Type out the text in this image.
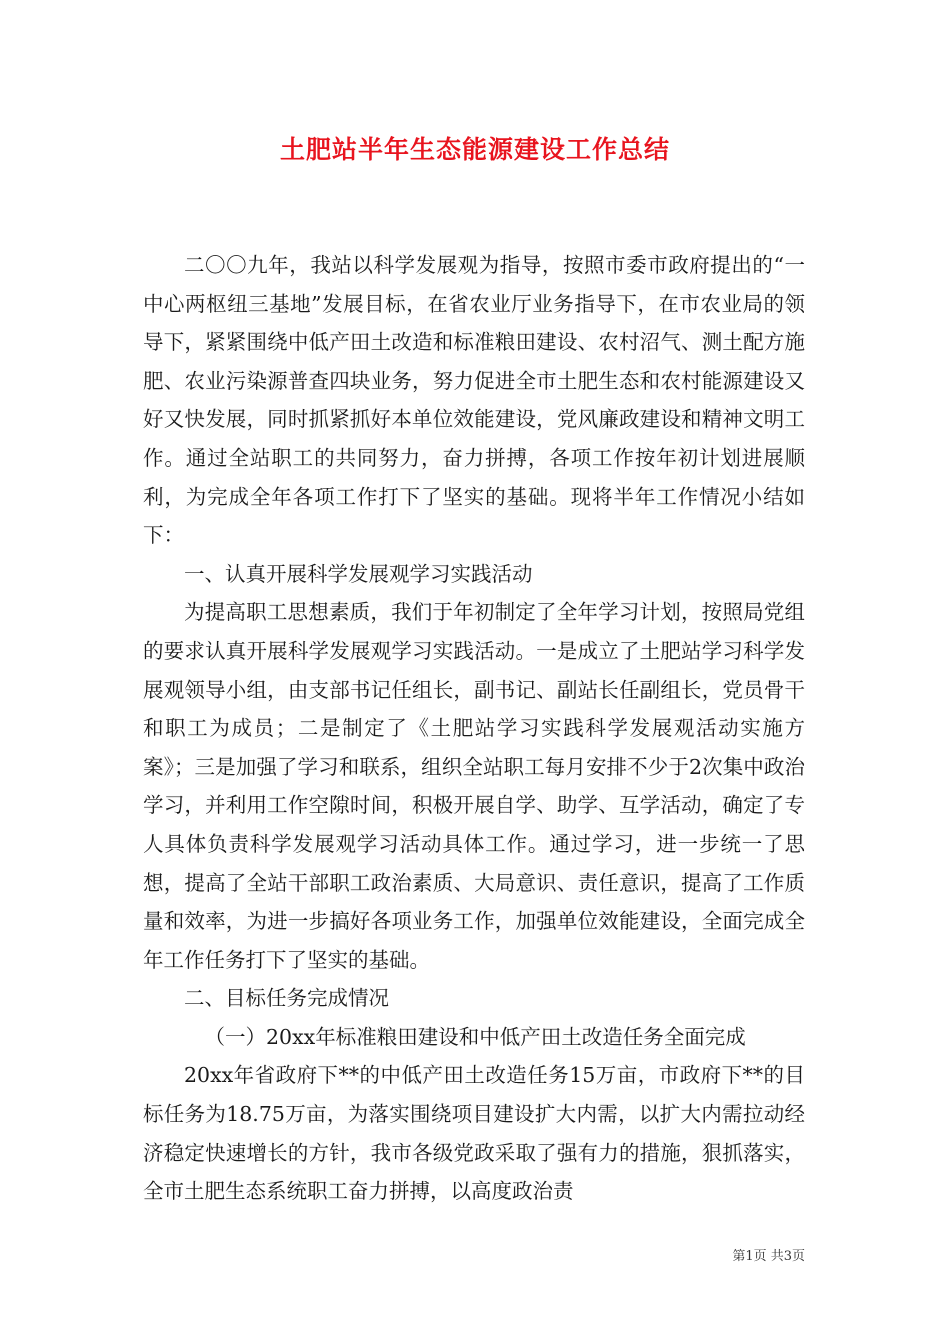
土肥站半年生态能源建设工作总结

二〇〇九年，我站以科学发展观为指导，按照市委市政府提出的“一中心两枢纽三基地”发展目标，在省农业厅业务指导下，在市农业局的领导下，紧紧围绕中低产田土改造和标准粮田建设、农村沼气、测土配方施肥、农业污染源普查四块业务，努力促进全市土肥生态和农村能源建设又好又快发展，同时抓紧抓好本单位效能建设，党风廉政建设和精神文明工作。通过全站职工的共同努力，奋力拼搏，各项工作按年初计划进展顺利，为完成全年各项工作打下了坚实的基础。现将半年工作情况小结如下：

一、认真开展科学发展观学习实践活动

为提高职工思想素质，我们于年初制定了全年学习计划，按照局党组的要求认真开展科学发展观学习实践活动。一是成立了土肥站学习科学发展观领导小组，由支部书记任组长，副书记、副站长任副组长，党员骨干和职工为成员；二是制定了《土肥站学习实践科学发展观活动实施方案》；三是加强了学习和联系，组织全站职工每月安排不少于2次集中政治学习，并利用工作空隙时间，积极开展自学、助学、互学活动，确定了专人具体负责科学发展观学习活动具体工作。通过学习，进一步统一了思想，提高了全站干部职工政治素质、大局意识、责任意识，提高了工作质量和效率，为进一步搞好各项业务工作，加强单位效能建设，全面完成全年工作任务打下了坚实的基础。

二、目标任务完成情况

（一）20xx年标准粮田建设和中低产田土改造任务全面完成

20xx年省政府下**的中低产田土改造任务15万亩，市政府下**的目标任务为18.75万亩，为落实围绕项目建设扩大内需，以扩大内需拉动经济稳定快速增长的方针，我市各级党政采取了强有力的措施，狠抓落实，全市土肥生态系统职工奋力拼搏，以高度政治责

第1页 共3页
